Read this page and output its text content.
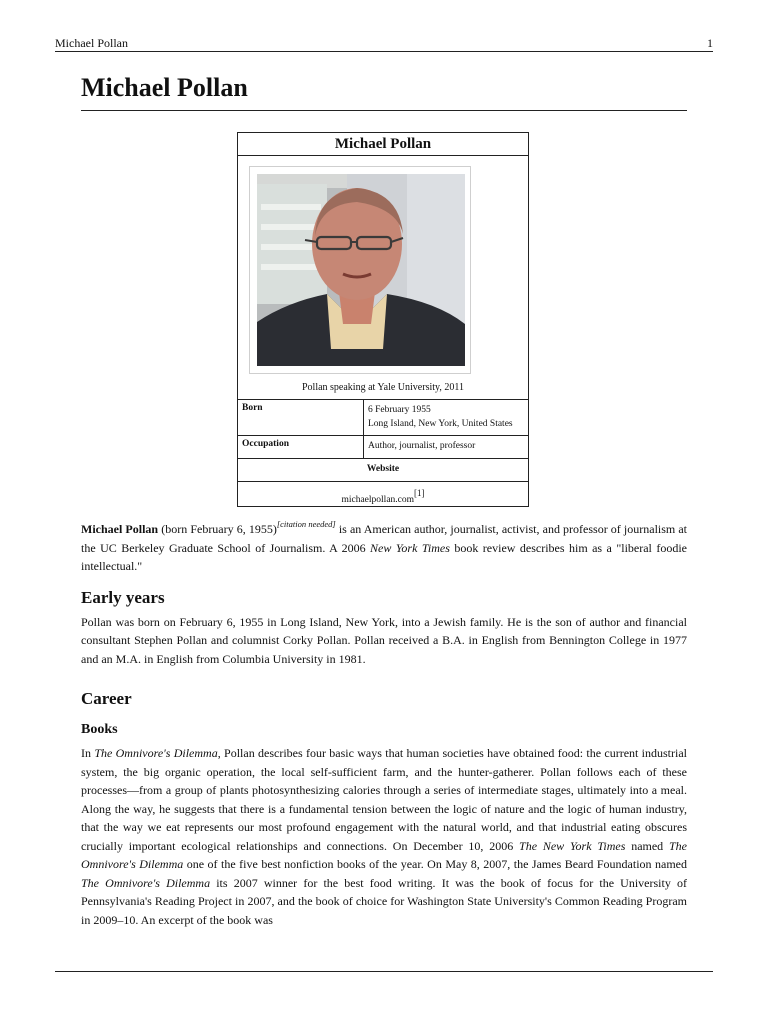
Michael Pollan	1
Michael Pollan
Michael Pollan
Pollan speaking at Yale University, 2011
Born	6 February 1955
Long Island, New York, United States
Occupation	Author, journalist, professor
Website
michaelpollan.com[1]

Michael Pollan (born February 6, 1955)[citation needed] is an American author, journalist, activist, and professor of journalism at the UC Berkeley Graduate School of Journalism. A 2006 New York Times book review describes him as a "liberal foodie intellectual."

Early years

Pollan was born on February 6, 1955 in Long Island, New York, into a Jewish family. He is the son of author and financial consultant Stephen Pollan and columnist Corky Pollan. Pollan received a B.A. in English from Bennington College in 1977 and an M.A. in English from Columbia University in 1981.

Career
Books

In The Omnivore's Dilemma, Pollan describes four basic ways that human societies have obtained food: the current industrial system, the big organic operation, the local self-sufficient farm, and the hunter-gatherer. Pollan follows each of these processes—from a group of plants photosynthesizing calories through a series of intermediate stages, ultimately into a meal. Along the way, he suggests that there is a fundamental tension between the logic of nature and the logic of human industry, that the way we eat represents our most profound engagement with the natural world, and that industrial eating obscures crucially important ecological relationships and connections. On December 10, 2006 The New York Times named The Omnivore's Dilemma one of the five best nonfiction books of the year. On May 8, 2007, the James Beard Foundation named The Omnivore's Dilemma its 2007 winner for the best food writing. It was the book of focus for the University of Pennsylvania's Reading Project in 2007, and the book of choice for Washington State University's Common Reading Program in 2009–10. An excerpt of the book was
